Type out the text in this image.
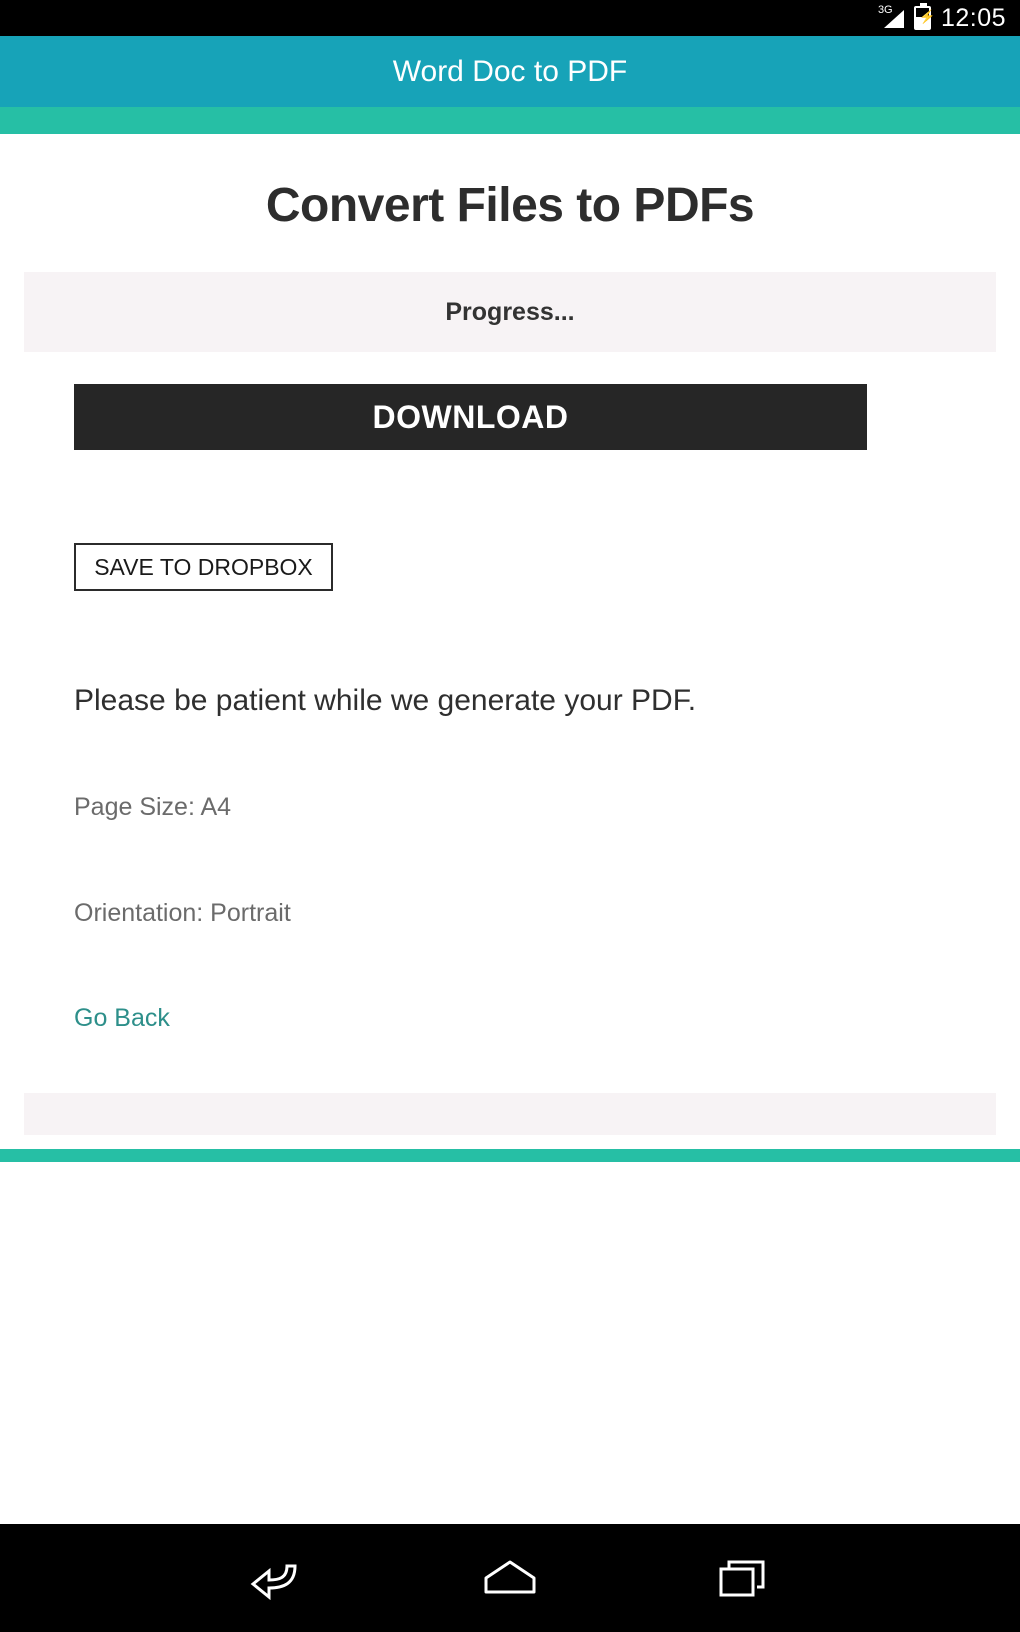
3G ⚡ 12:05
Word Doc to PDF
Convert Files to PDFs
Progress...
DOWNLOAD
SAVE TO DROPBOX
Please be patient while we generate your PDF.
Page Size: A4
Orientation: Portrait
Go Back
